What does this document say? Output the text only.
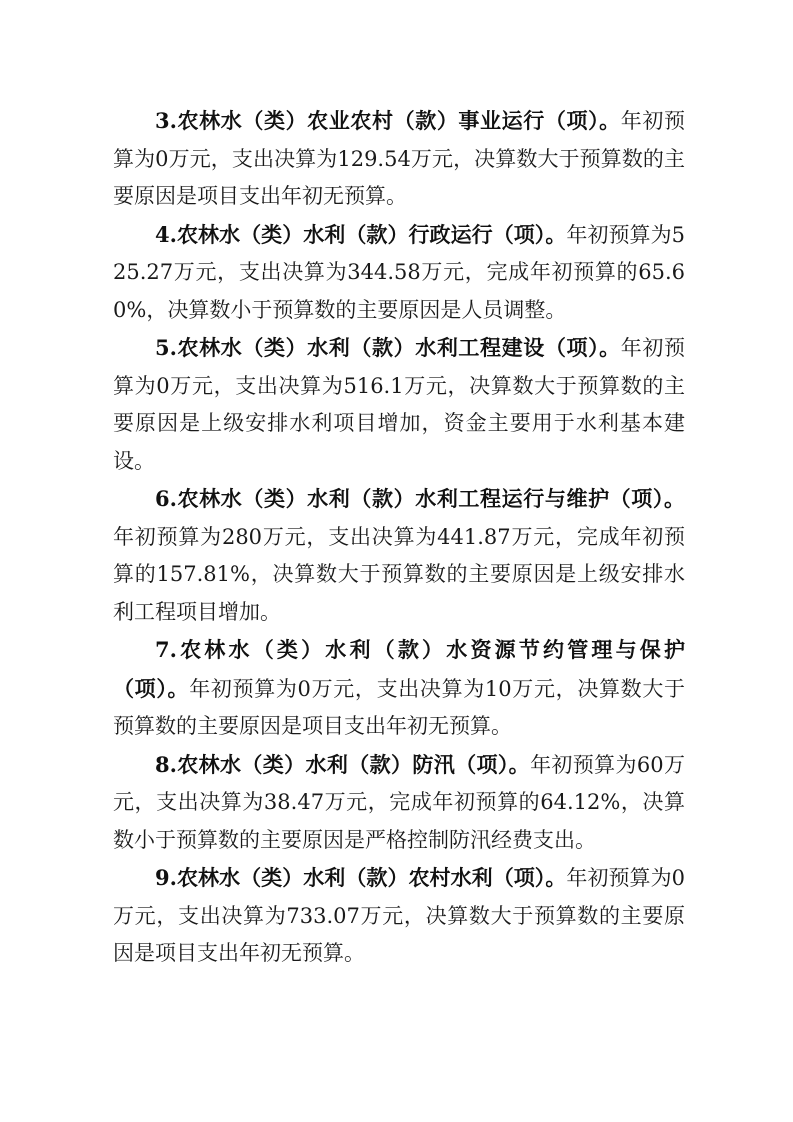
3.农林水（类）农业农村（款）事业运行（项）。年初预算为0万元，支出决算为129.54万元，决算数大于预算数的主要原因是项目支出年初无预算。

4.农林水（类）水利（款）行政运行（项）。年初预算为525.27万元，支出决算为344.58万元，完成年初预算的65.60%，决算数小于预算数的主要原因是人员调整。

5.农林水（类）水利（款）水利工程建设（项）。年初预算为0万元，支出决算为516.1万元，决算数大于预算数的主要原因是上级安排水利项目增加，资金主要用于水利基本建设。

6.农林水（类）水利（款）水利工程运行与维护（项）。年初预算为280万元，支出决算为441.87万元，完成年初预算的157.81%，决算数大于预算数的主要原因是上级安排水利工程项目增加。

7.农林水（类）水利（款）水资源节约管理与保护（项）。年初预算为0万元，支出决算为10万元，决算数大于预算数的主要原因是项目支出年初无预算。

8.农林水（类）水利（款）防汛（项）。年初预算为60万元，支出决算为38.47万元，完成年初预算的64.12%，决算数小于预算数的主要原因是严格控制防汛经费支出。

9.农林水（类）水利（款）农村水利（项）。年初预算为0万元，支出决算为733.07万元，决算数大于预算数的主要原因是项目支出年初无预算。
